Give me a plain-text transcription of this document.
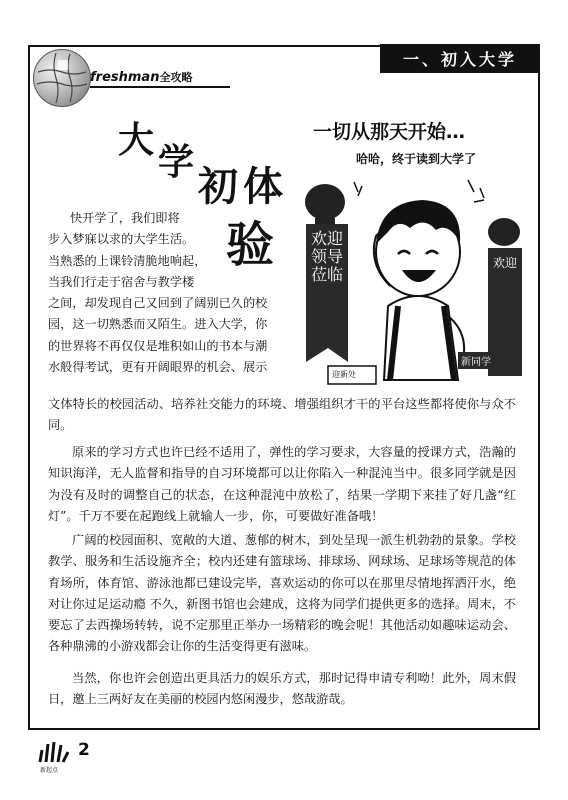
freshman全攻略
一、初入大学
大
学
初 体
验
一切从那天开始…
哈哈，终于读到大学了
欢迎领导莅临
欢迎
新同学
迎新处
快开学了，我们即将
步入梦寐以求的大学生活。
当熟悉的上课铃清脆地响起，
当我们行走于宿舍与教学楼
之间，却发现自己又回到了阔别已久的校
园，这一切熟悉而又陌生。进入大学，你
的世界将不再仅仅是堆积如山的书本与潮
水般得考试，更有开阔眼界的机会、展示

文体特长的校园活动、培养社交能力的环境、增强组织才干的平台这些都将使你与众不同。

原来的学习方式也许已经不适用了，弹性的学习要求，大容量的授课方式，浩瀚的知识海洋，无人监督和指导的自习环境都可以让你陷入一种混沌当中。很多同学就是因为没有及时的调整自己的状态，在这种混沌中放松了，结果一学期下来挂了好几盏“红灯”。千万不要在起跑线上就输人一步，你，可要做好准备哦！

广阔的校园面积、宽敞的大道、葱郁的树木，到处呈现一派生机勃勃的景象。学校教学、服务和生活设施齐全；校内还建有篮球场、排球场、网球场、足球场等规范的体育场所，体育馆、游泳池都已建设完毕，喜欢运动的你可以在那里尽情地挥洒汗水，绝对让你过足运动瘾 不久，新图书馆也会建成，这将为同学们提供更多的选择。周末，不要忘了去西操场转转，说不定那里正举办一场精彩的晚会呢！其他活动如趣味运动会、各种鼎沸的小游戏都会让你的生活变得更有滋味。

当然，你也许会创造出更具活力的娱乐方式，那时记得申请专利呦！此外，周末假日，邀上三两好友在美丽的校园内悠闲漫步，悠哉游哉。

2
新起点
